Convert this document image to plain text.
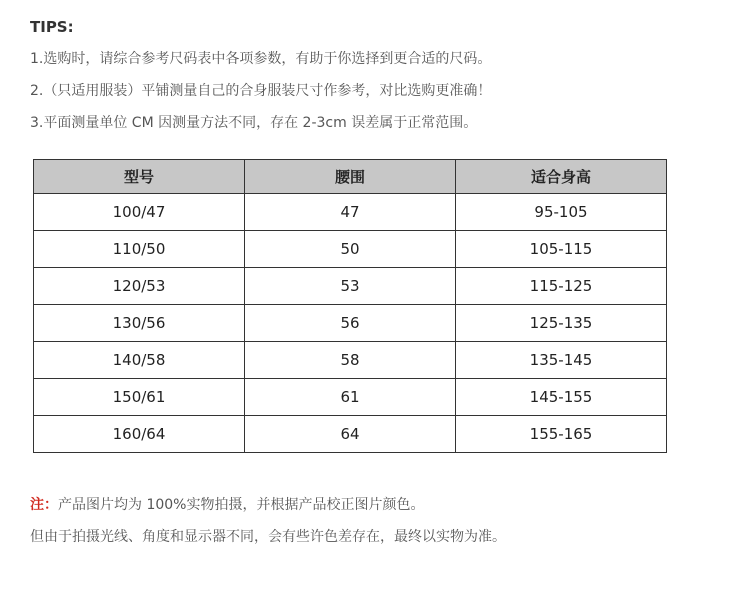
TIPS:
1.选购时，请综合参考尺码表中各项参数，有助于你选择到更合适的尺码。
2.（只适用服装）平铺测量自己的合身服装尺寸作参考，对比选购更准确！
3.平面测量单位 CM 因测量方法不同，存在 2-3cm 误差属于正常范围。
型号	腰围	适合身高
100/47	47	95-105
110/50	50	105-115
120/53	53	115-125
130/56	56	125-135
140/58	58	135-145
150/61	61	145-155
160/64	64	155-165
注：产品图片均为 100%实物拍摄，并根据产品校正图片颜色。
但由于拍摄光线、角度和显示器不同，会有些许色差存在，最终以实物为准。
